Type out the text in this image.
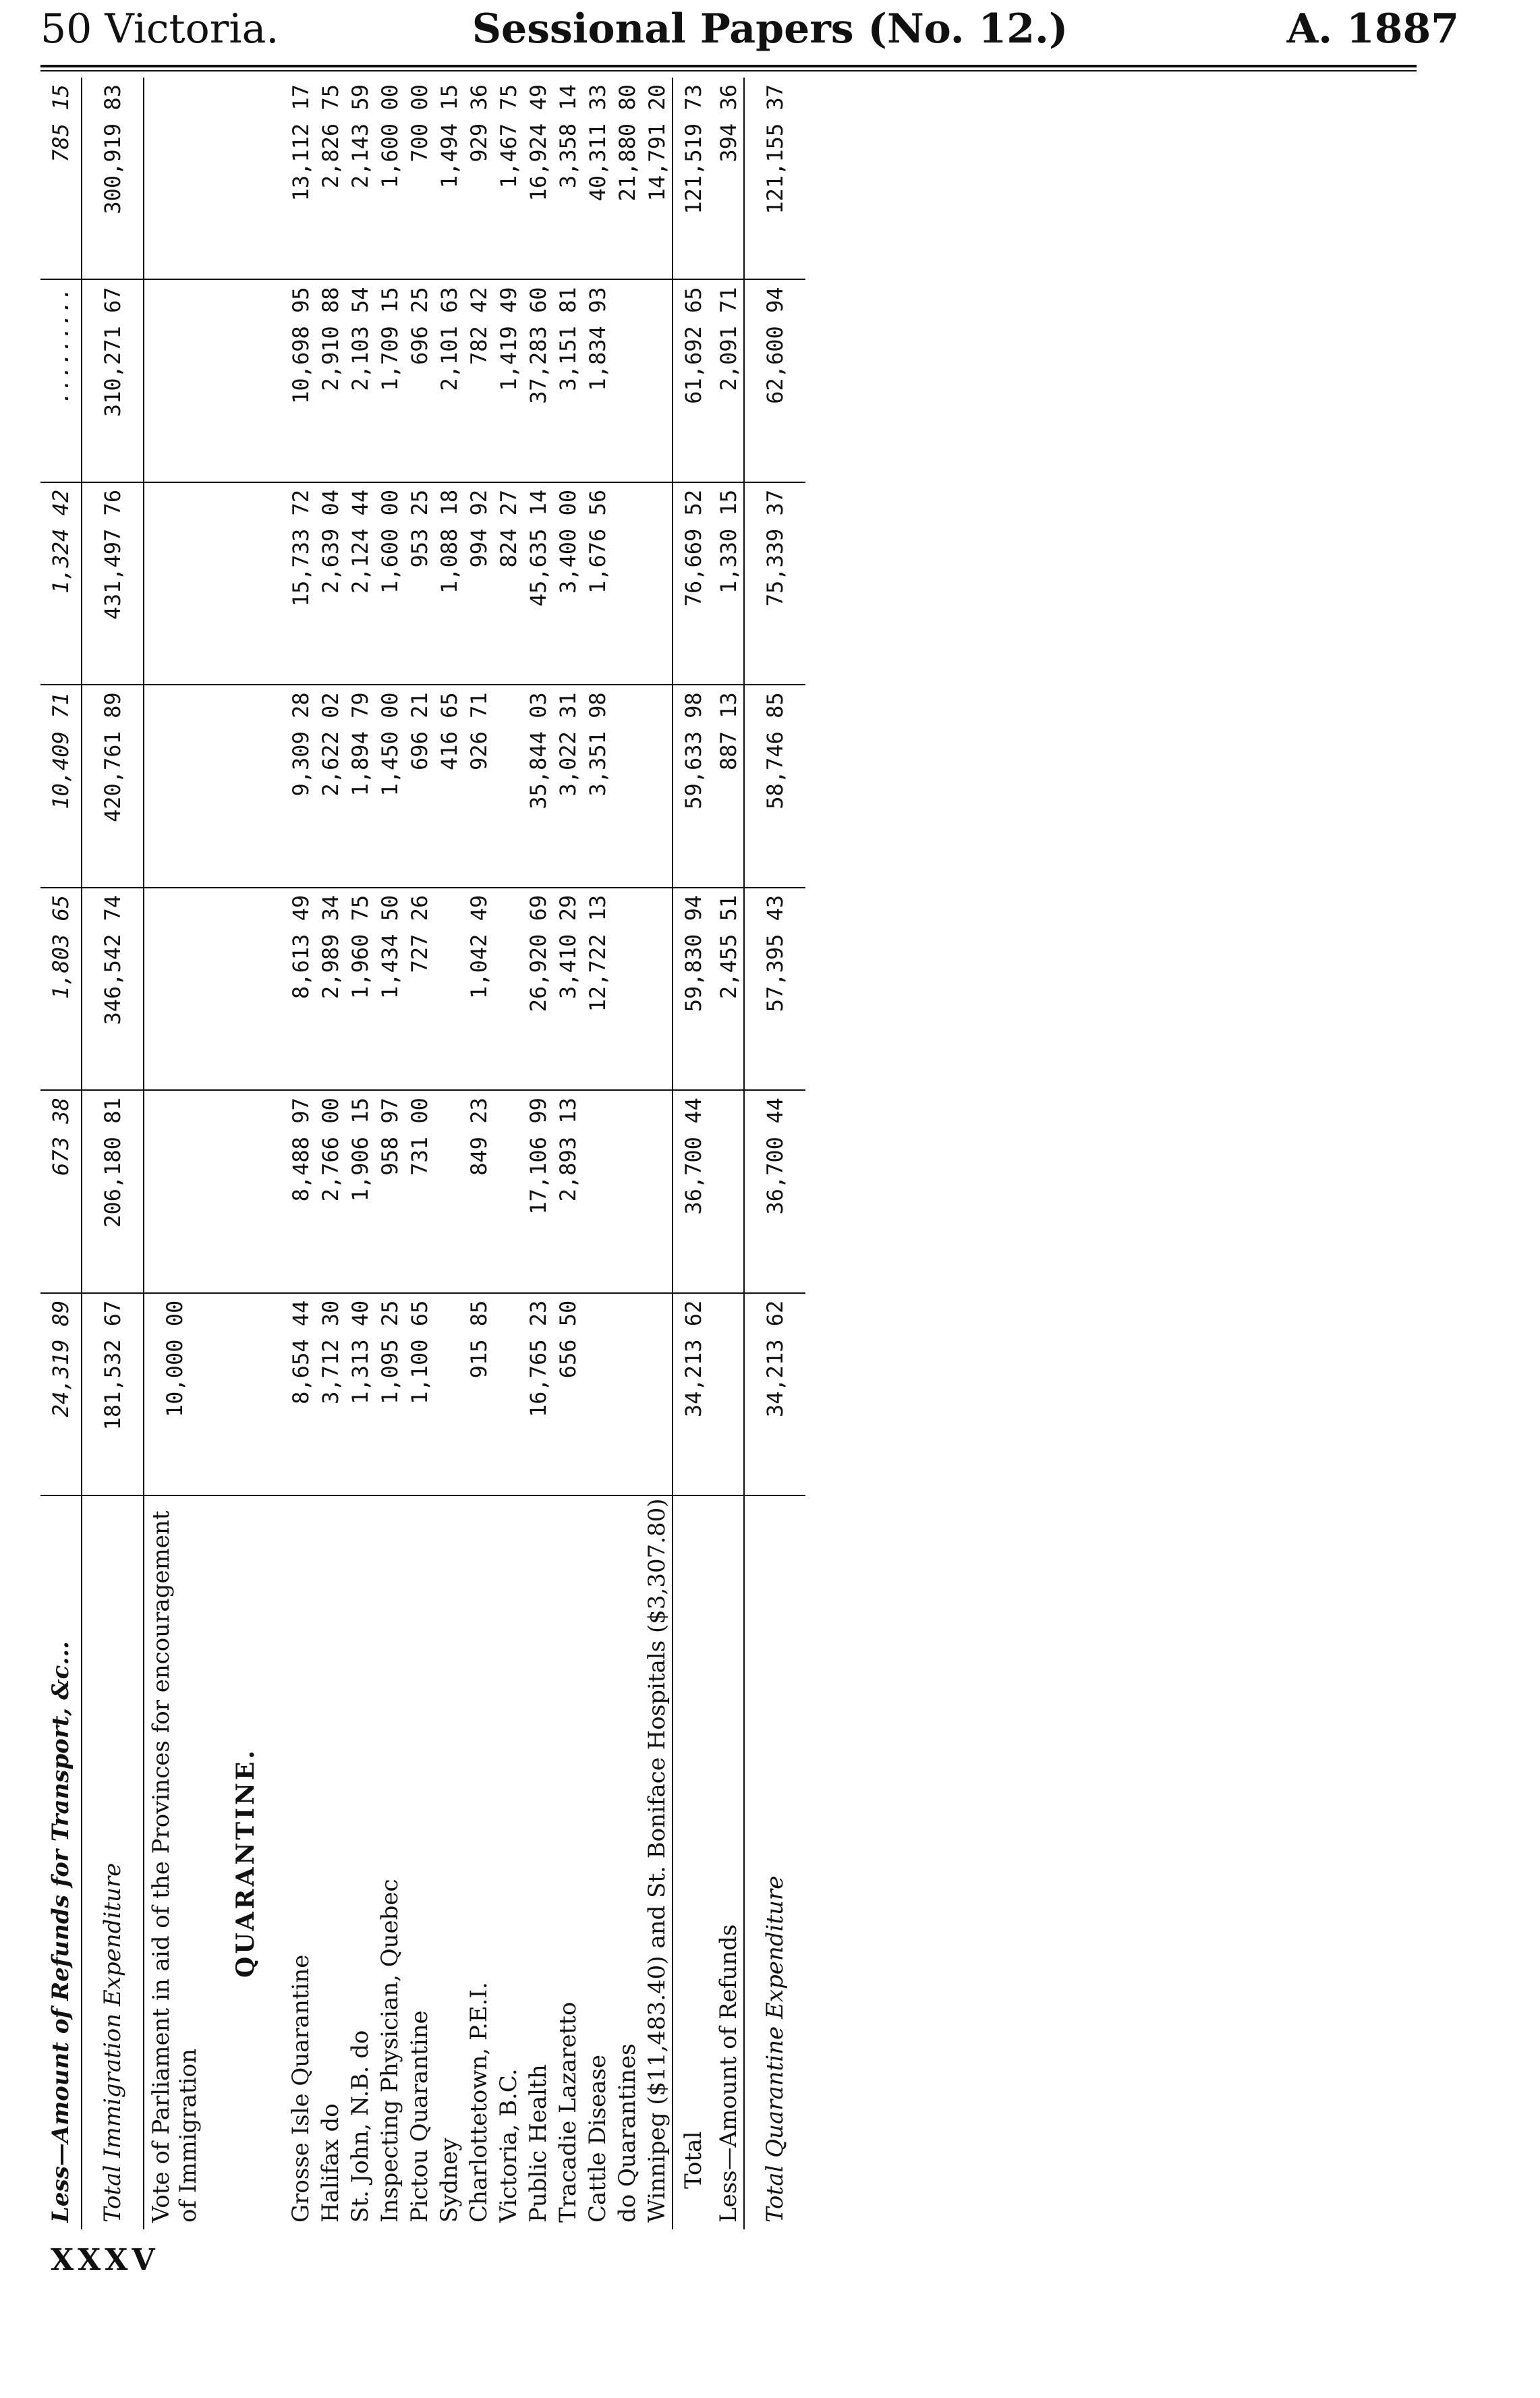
50 Victoria.	Sessional Papers (No. 12.)	A. 1887
Less—Amount of Refunds for Transport, &c...	24,319 89	673 38	1,803 65	10,409 71	1,324 42	.........	785 15
Total Immigration Expenditure	181,532 67	206,180 81	346,542 74	420,761 89	431,497 76	310,271 67	300,919 83
Vote of Parliament in aid of the Provinces for encouragement of Immigration	10,000 00						
QUARANTINE.							
Grosse Isle Quarantine	8,654 44	8,488 97	8,613 49	9,309 28	15,733 72	10,698 95	13,112 17
Halifax do	3,712 30	2,766 00	2,989 34	2,622 02	2,639 04	2,910 88	2,826 75
St. John, N.B. do	1,313 40	1,906 15	1,960 75	1,894 79	2,124 44	2,103 54	2,143 59
Inspecting Physician, Quebec	1,095 25	958 97	1,434 50	1,450 00	1,600 00	1,709 15	1,600 00
Pictou Quarantine	1,100 65	731 00	727 26	696 21	953 25	696 25	700 00
Sydney				416 65	1,088 18	2,101 63	1,494 15
Charlottetown, P.E.I.	915 85	849 23	1,042 49	926 71	994 92	782 42	929 36
Victoria, B.C.					824 27	1,419 49	1,467 75
Public Health	16,765 23	17,106 99	26,920 69	35,844 03	45,635 14	37,283 60	16,924 49
Tracadie Lazaretto	656 50	2,893 13	3,410 29	3,022 31	3,400 00	3,151 81	3,358 14
Cattle Disease			12,722 13	3,351 98	1,676 56	1,834 93	40,311 33
do Quarantines							21,880 80
Winnipeg ($11,483.40) and St. Boniface Hospitals ($3,307.80)							14,791 20
Total	34,213 62	36,700 44	59,830 94	59,633 98	76,669 52	61,692 65	121,519 73
Less—Amount of Refunds			2,455 51	887 13	1,330 15	2,091 71	394 36
Total Quarantine Expenditure	34,213 62	36,700 44	57,395 43	58,746 85	75,339 37	62,600 94	121,155 37
XXXV
